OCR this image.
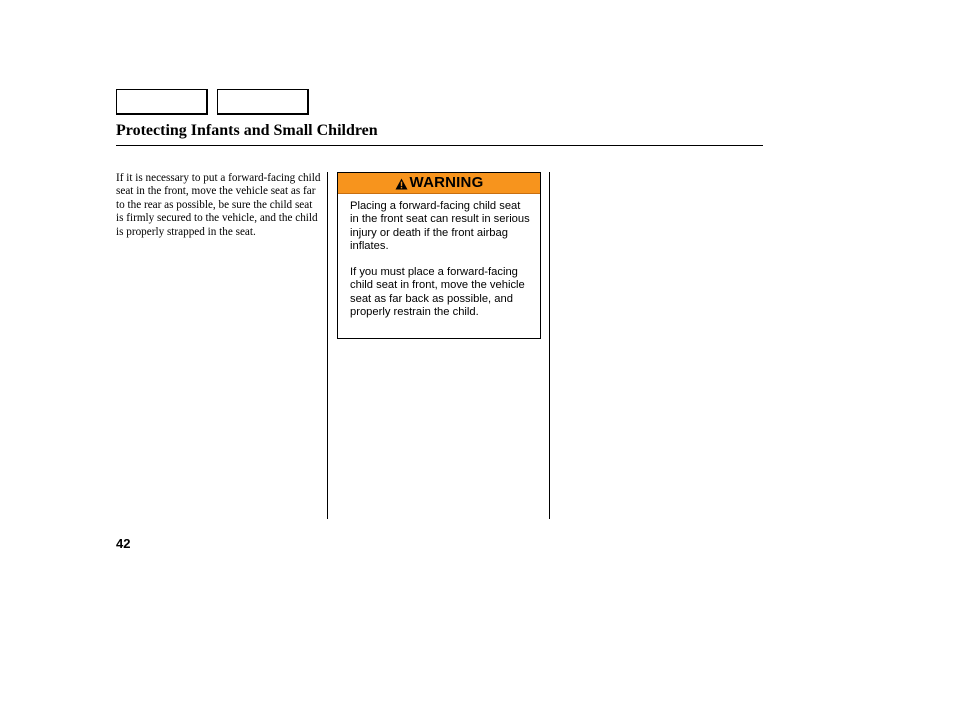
Protecting Infants and Small Children

If it is necessary to put a forward-facing child seat in the front, move the vehicle seat as far to the rear as possible, be sure the child seat is firmly secured to the vehicle, and the child is properly strapped in the seat.

WARNING

Placing a forward-facing child seat in the front seat can result in serious injury or death if the front airbag inflates.

If you must place a forward-facing child seat in front, move the vehicle seat as far back as possible, and properly restrain the child.

42
